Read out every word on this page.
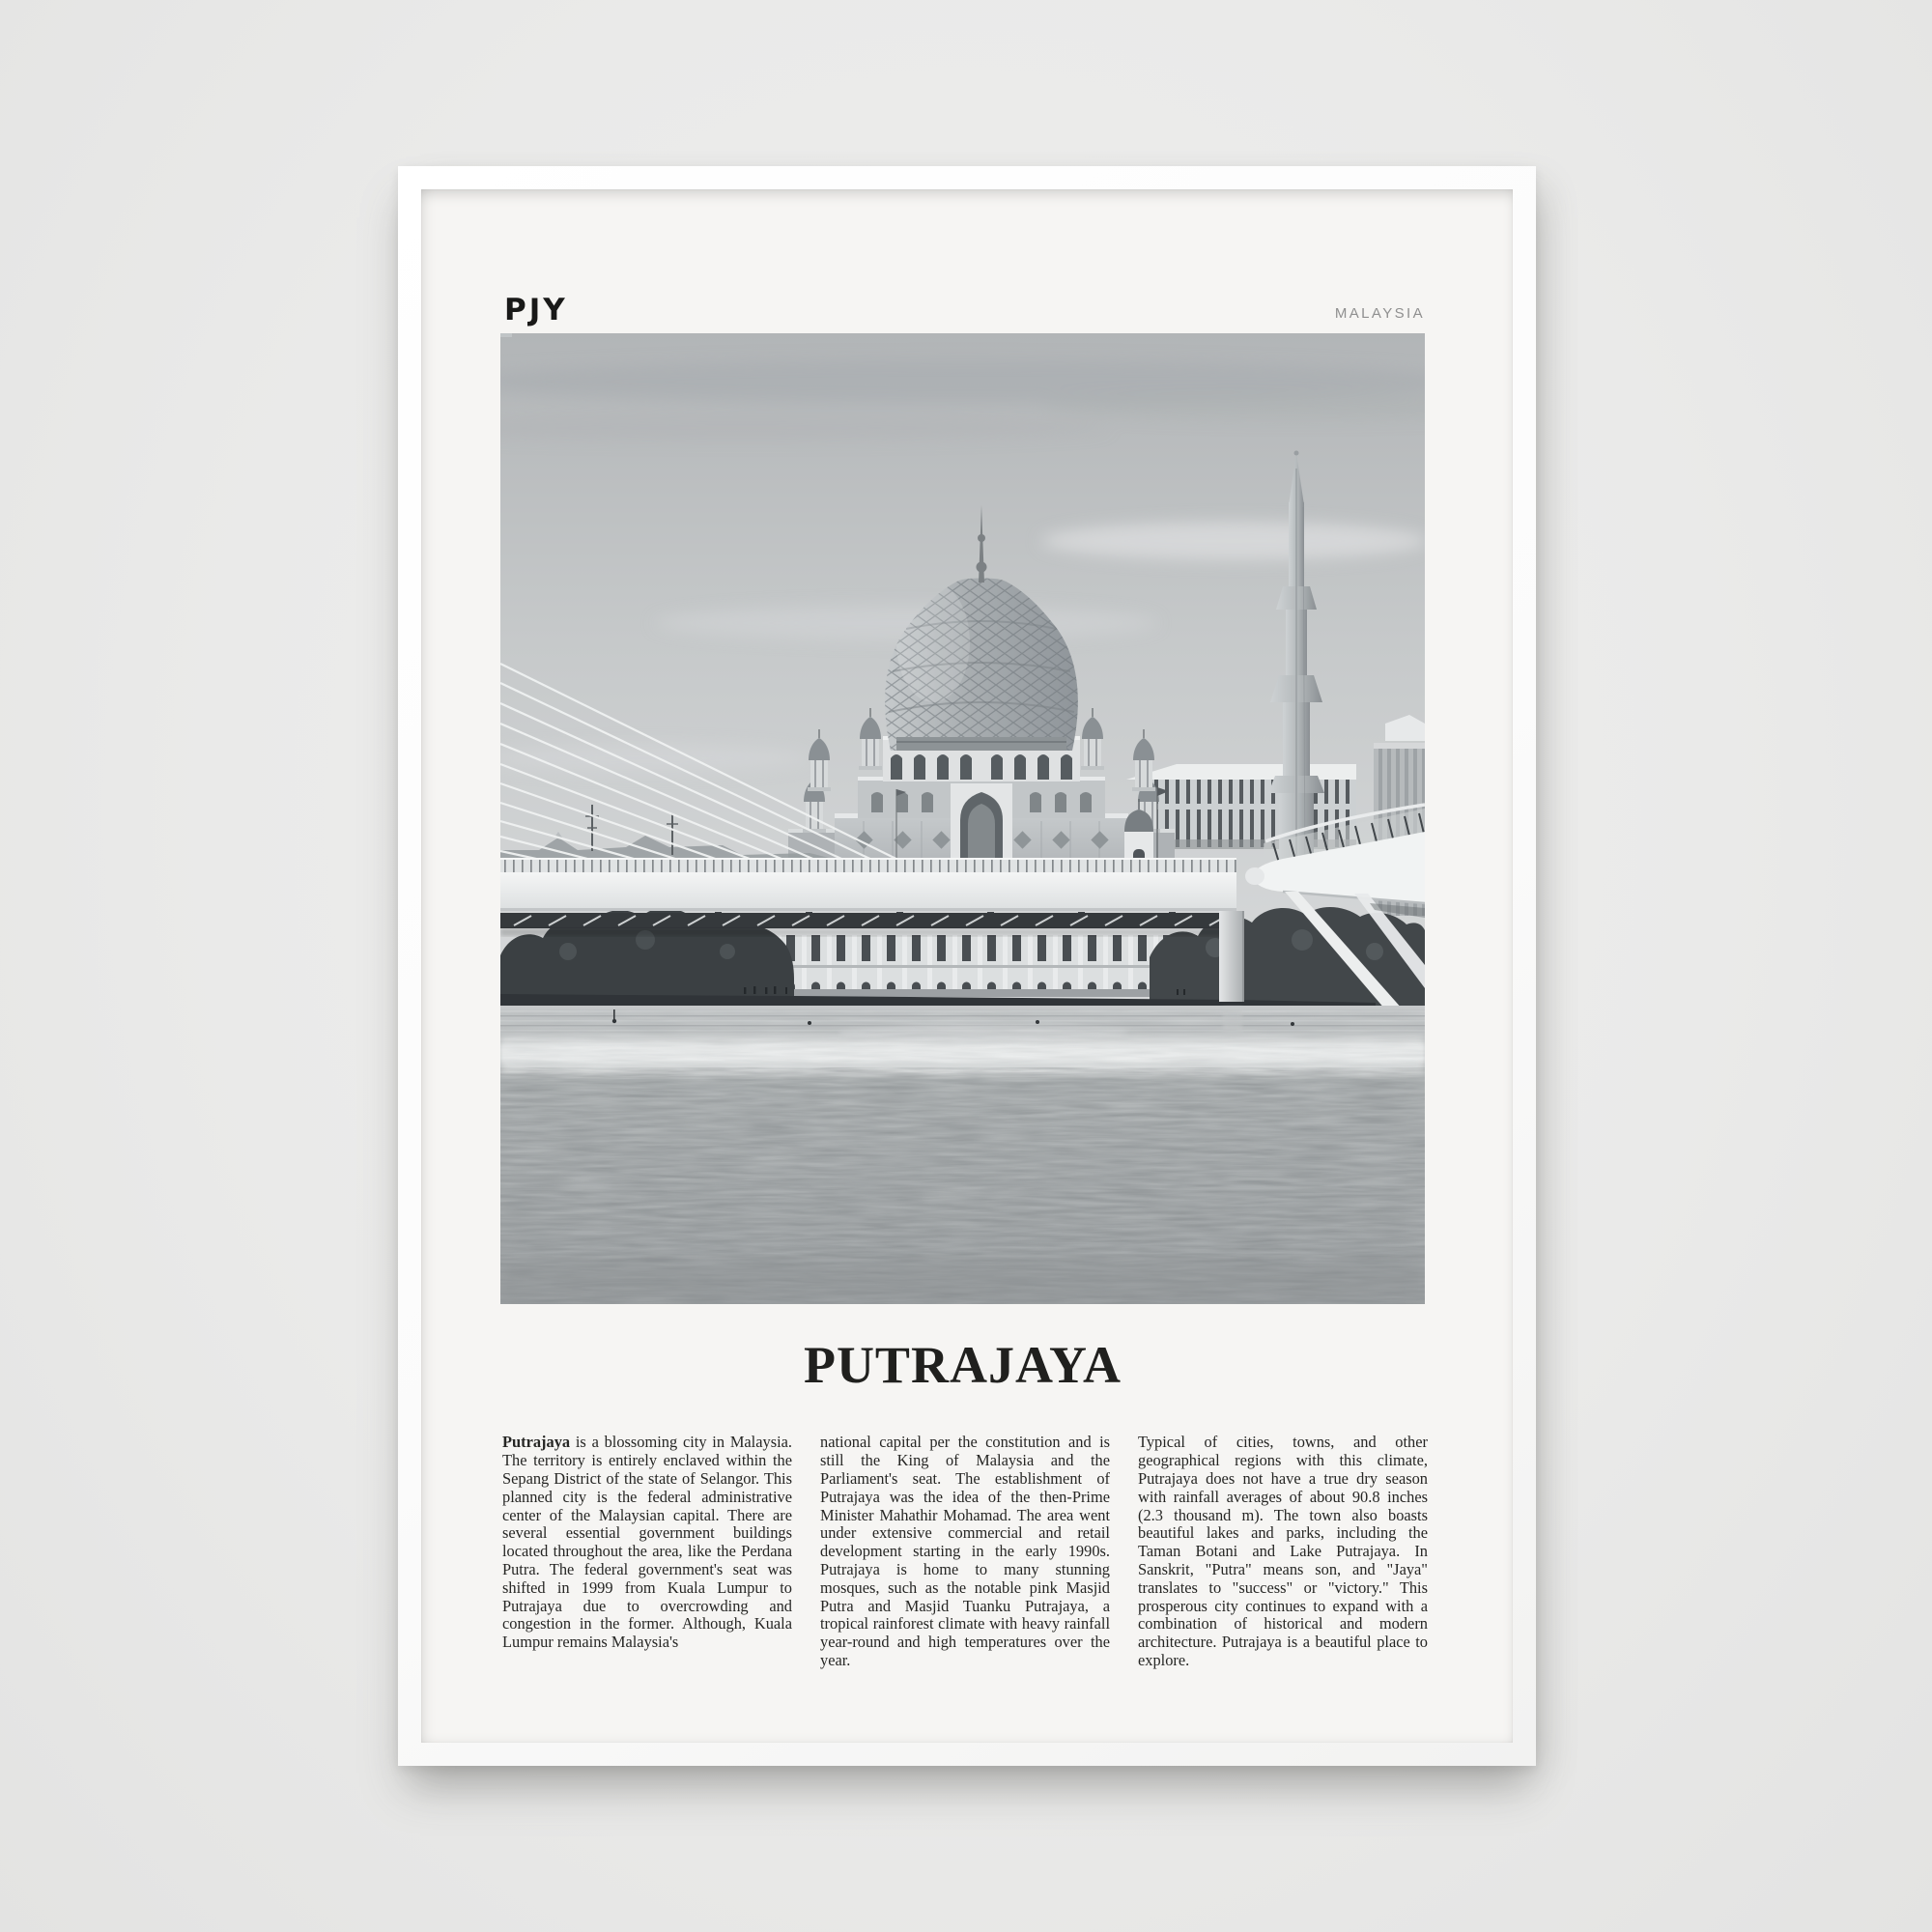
PJY	MALAYSIA
PUTRAJAYA

Putrajaya is a blossoming city in Malaysia. The territory is entirely enclaved within the Sepang District of the state of Selangor. This planned city is the federal administrative center of the Malaysian capital. There are several essential government buildings located throughout the area, like the Perdana Putra. The federal government's seat was shifted in 1999 from Kuala Lumpur to Putrajaya due to overcrowding and congestion in the former. Although, Kuala Lumpur remains Malaysia's

national capital per the constitution and is still the King of Malaysia and the Parliament's seat. The establishment of Putrajaya was the idea of the then-Prime Minister Mahathir Mohamad. The area went under extensive commercial and retail development starting in the early 1990s. Putrajaya is home to many stunning mosques, such as the notable pink Masjid Putra and Masjid Tuanku Putrajaya, a tropical rainforest climate with heavy rainfall year-round and high temperatures over the year.

Typical of cities, towns, and other geographical regions with this climate, Putrajaya does not have a true dry season with rainfall averages of about 90.8 inches (2.3 thousand m). The town also boasts beautiful lakes and parks, including the Taman Botani and Lake Putrajaya. In Sanskrit, "Putra" means son, and "Jaya" translates to "success" or "victory." This prosperous city continues to expand with a combination of historical and modern architecture. Putrajaya is a beautiful place to explore.
